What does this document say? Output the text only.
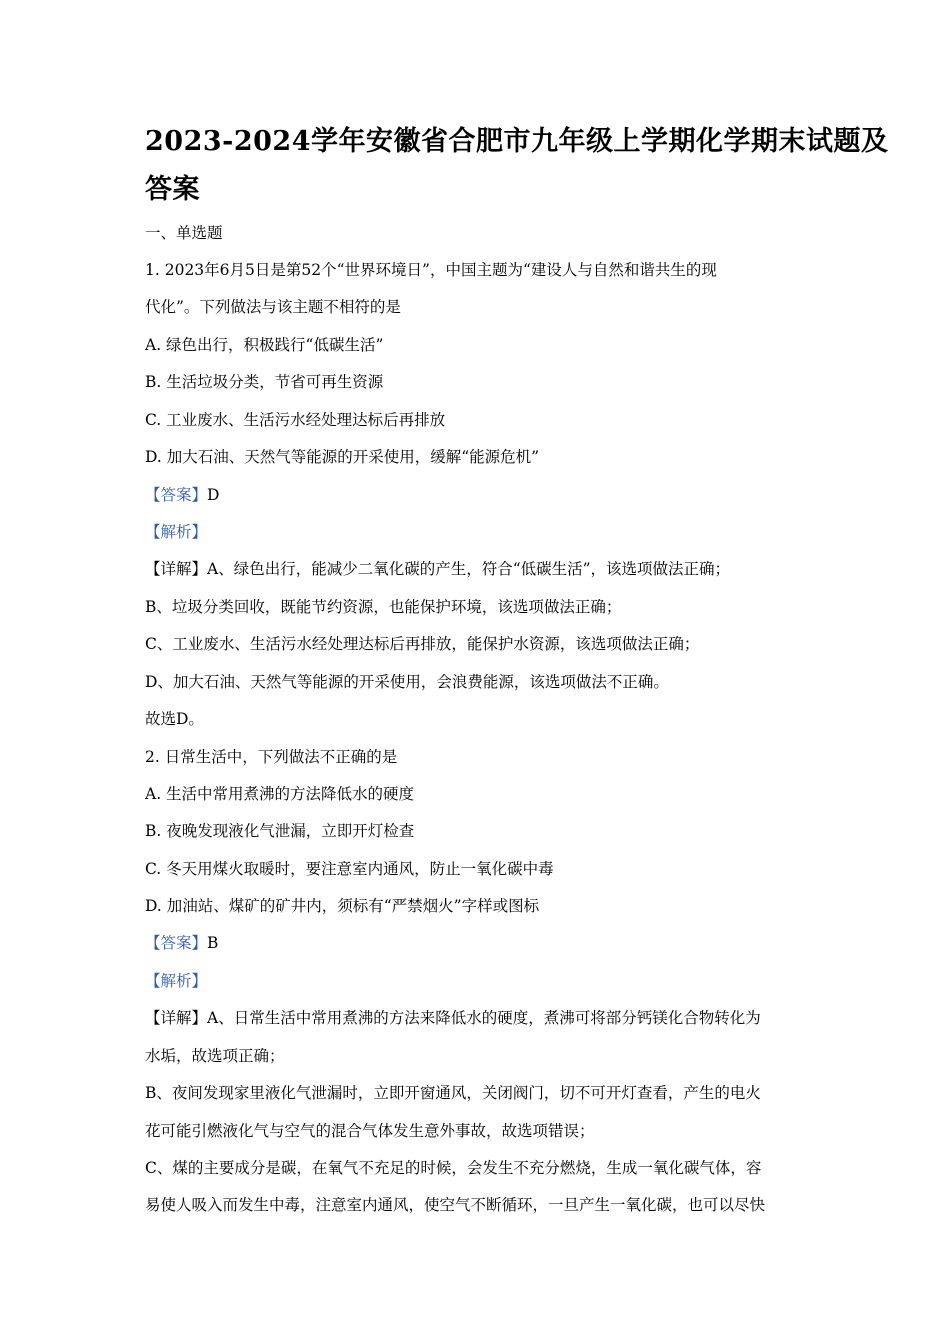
2023-2024学年安徽省合肥市九年级上学期化学期末试题及
答案
一、单选题
1. 2023年6月5日是第52个“世界环境日”，中国主题为“建设人与自然和谐共生的现
代化”。下列做法与该主题不相符的是
A. 绿色出行，积极践行“低碳生活”
B. 生活垃圾分类，节省可再生资源
C. 工业废水、生活污水经处理达标后再排放
D. 加大石油、天然气等能源的开采使用，缓解“能源危机”
【答案】D
【解析】
【详解】A、绿色出行，能减少二氧化碳的产生，符合“低碳生活”，该选项做法正确；
B、垃圾分类回收，既能节约资源，也能保护环境，该选项做法正确；
C、工业废水、生活污水经处理达标后再排放，能保护水资源，该选项做法正确；
D、加大石油、天然气等能源的开采使用，会浪费能源，该选项做法不正确。
故选D。
2. 日常生活中，下列做法不正确的是
A. 生活中常用煮沸的方法降低水的硬度
B. 夜晚发现液化气泄漏，立即开灯检查
C. 冬天用煤火取暖时，要注意室内通风，防止一氧化碳中毒
D. 加油站、煤矿的矿井内，须标有“严禁烟火”字样或图标
【答案】B
【解析】
【详解】A、日常生活中常用煮沸的方法来降低水的硬度，煮沸可将部分钙镁化合物转化为
水垢，故选项正确；
B、夜间发现家里液化气泄漏时，立即开窗通风，关闭阀门，切不可开灯查看，产生的电火
花可能引燃液化气与空气的混合气体发生意外事故，故选项错误；
C、煤的主要成分是碳，在氧气不充足的时候，会发生不充分燃烧，生成一氧化碳气体，容
易使人吸入而发生中毒，注意室内通风，使空气不断循环，一旦产生一氧化碳，也可以尽快
